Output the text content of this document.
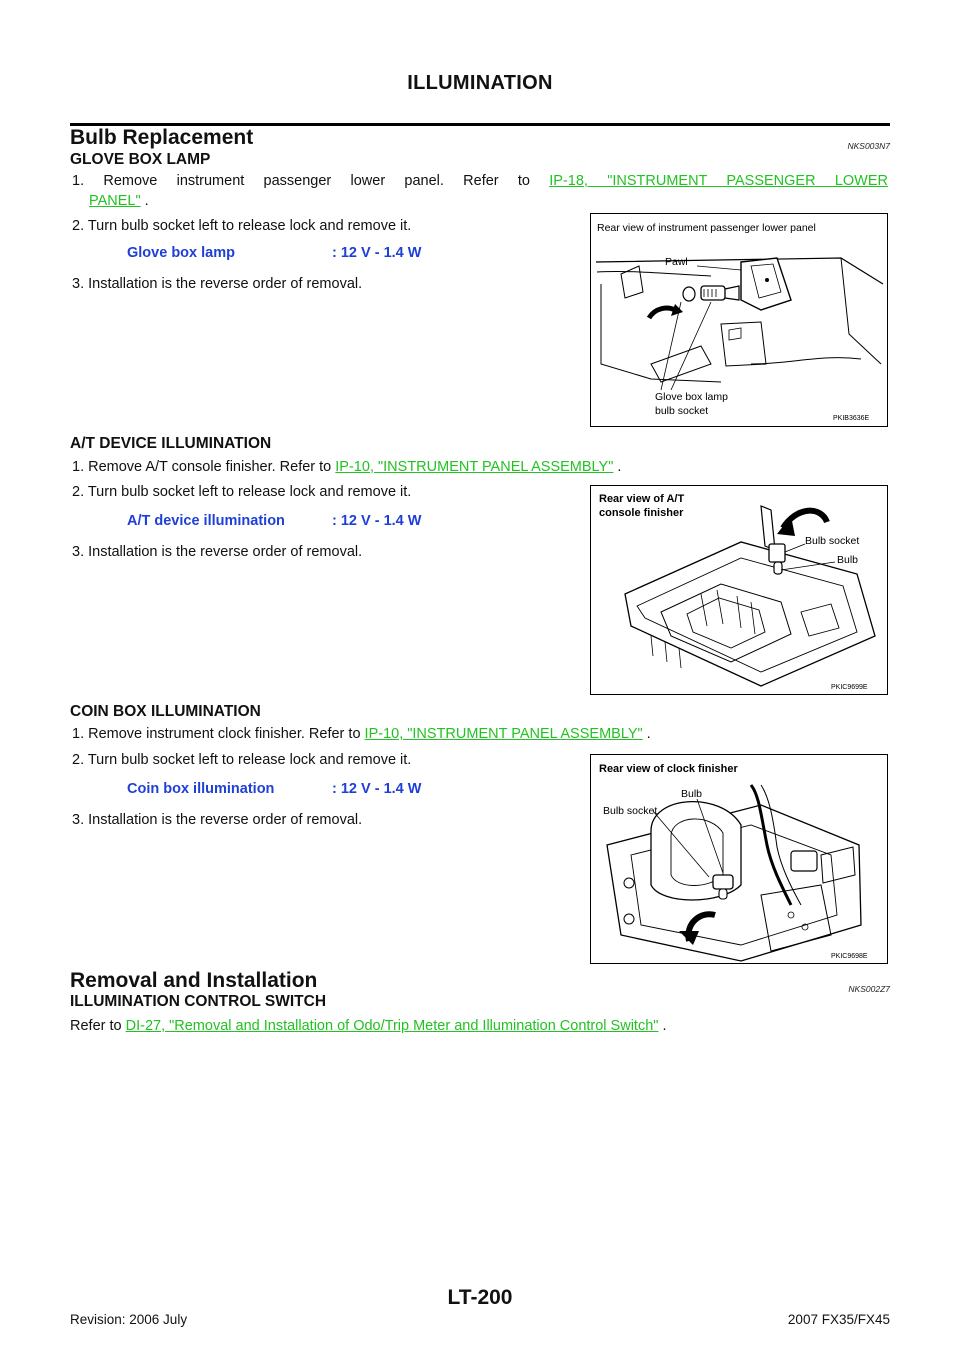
ILLUMINATION
Bulb Replacement	NKS003N7
GLOVE BOX LAMP
1. Remove instrument passenger lower panel. Refer to IP-18, "INSTRUMENT PASSENGER LOWER
PANEL" .
2. Turn bulb socket left to release lock and remove it.
Glove box lamp	: 12 V - 1.4 W
3. Installation is the reverse order of removal.
Rear view of instrument passenger lower panel
Pawl
Glove box lamp
bulb socket
PKIB3636E
A/T DEVICE ILLUMINATION
1. Remove A/T console finisher. Refer to IP-10, "INSTRUMENT PANEL ASSEMBLY" .
2. Turn bulb socket left to release lock and remove it.
A/T device illumination	: 12 V - 1.4 W
3. Installation is the reverse order of removal.
Rear view of A/T
console finisher
Bulb socket
Bulb
PKIC9699E
COIN BOX ILLUMINATION
1. Remove instrument clock finisher. Refer to IP-10, "INSTRUMENT PANEL ASSEMBLY" .
2. Turn bulb socket left to release lock and remove it.
Coin box illumination	: 12 V - 1.4 W
3. Installation is the reverse order of removal.
Rear view of clock finisher
Bulb
Bulb socket
PKIC9698E
Removal and Installation	NKS002Z7
ILLUMINATION CONTROL SWITCH
Refer to DI-27, "Removal and Installation of Odo/Trip Meter and Illumination Control Switch" .
Revision: 2006 July
LT-200
2007 FX35/FX45
